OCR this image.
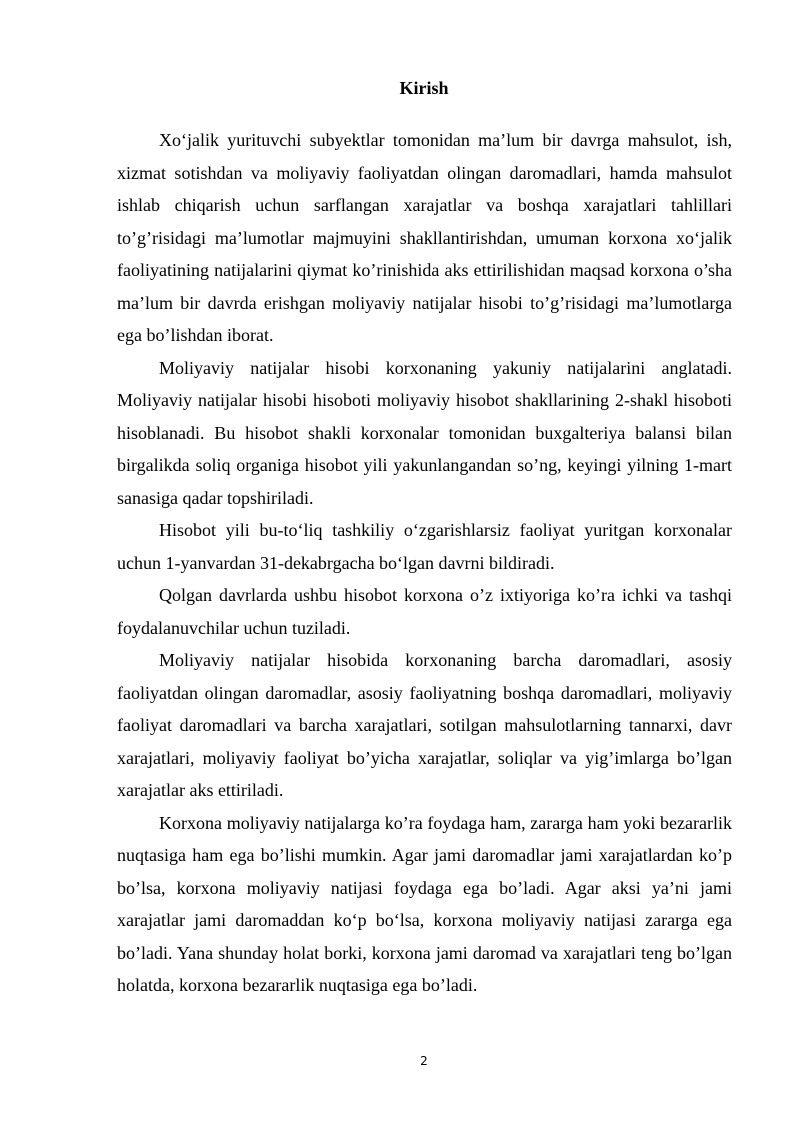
Kirish

Xo‘jalik yurituvchi subyektlar tomonidan ma’lum bir davrga mahsulot, ish, xizmat sotishdan va moliyaviy faoliyatdan olingan daromadlari, hamda mahsulot ishlab chiqarish uchun sarflangan xarajatlar va boshqa xarajatlari tahlillari to’g’risidagi ma’lumotlar majmuyini shakllantirishdan, umuman korxona xo‘jalik faoliyatining natijalarini qiymat ko’rinishida aks ettirilishidan maqsad korxona o’sha ma’lum bir davrda erishgan moliyaviy natijalar hisobi to’g’risidagi ma’lumotlarga ega bo’lishdan iborat.

Moliyaviy natijalar hisobi korxonaning yakuniy natijalarini anglatadi. Moliyaviy natijalar hisobi hisoboti moliyaviy hisobot shakllarining 2-shakl hisoboti hisoblanadi. Bu hisobot shakli korxonalar tomonidan buxgalteriya balansi bilan birgalikda soliq organiga hisobot yili yakunlangandan so’ng, keyingi yilning 1-mart sanasiga qadar topshiriladi.

Hisobot yili bu-to‘liq tashkiliy o‘zgarishlarsiz faoliyat yuritgan korxonalar uchun 1-yanvardan 31-dekabrgacha bo‘lgan davrni bildiradi.

Qolgan davrlarda ushbu hisobot korxona o’z ixtiyoriga ko’ra ichki va tashqi foydalanuvchilar uchun tuziladi.

Moliyaviy natijalar hisobida korxonaning barcha daromadlari, asosiy faoliyatdan olingan daromadlar, asosiy faoliyatning boshqa daromadlari, moliyaviy faoliyat daromadlari va barcha xarajatlari, sotilgan mahsulotlarning tannarxi, davr xarajatlari, moliyaviy faoliyat bo’yicha xarajatlar, soliqlar va yig’imlarga bo’lgan xarajatlar aks ettiriladi.

Korxona moliyaviy natijalarga ko’ra foydaga ham, zararga ham yoki bezararlik nuqtasiga ham ega bo’lishi mumkin. Agar jami daromadlar jami xarajatlardan ko’p bo’lsa, korxona moliyaviy natijasi foydaga ega bo’ladi. Agar aksi ya’ni jami xarajatlar jami daromaddan ko‘p bo‘lsa, korxona moliyaviy natijasi zararga ega bo’ladi. Yana shunday holat borki, korxona jami daromad va xarajatlari teng bo’lgan holatda, korxona bezararlik nuqtasiga ega bo’ladi.

2
